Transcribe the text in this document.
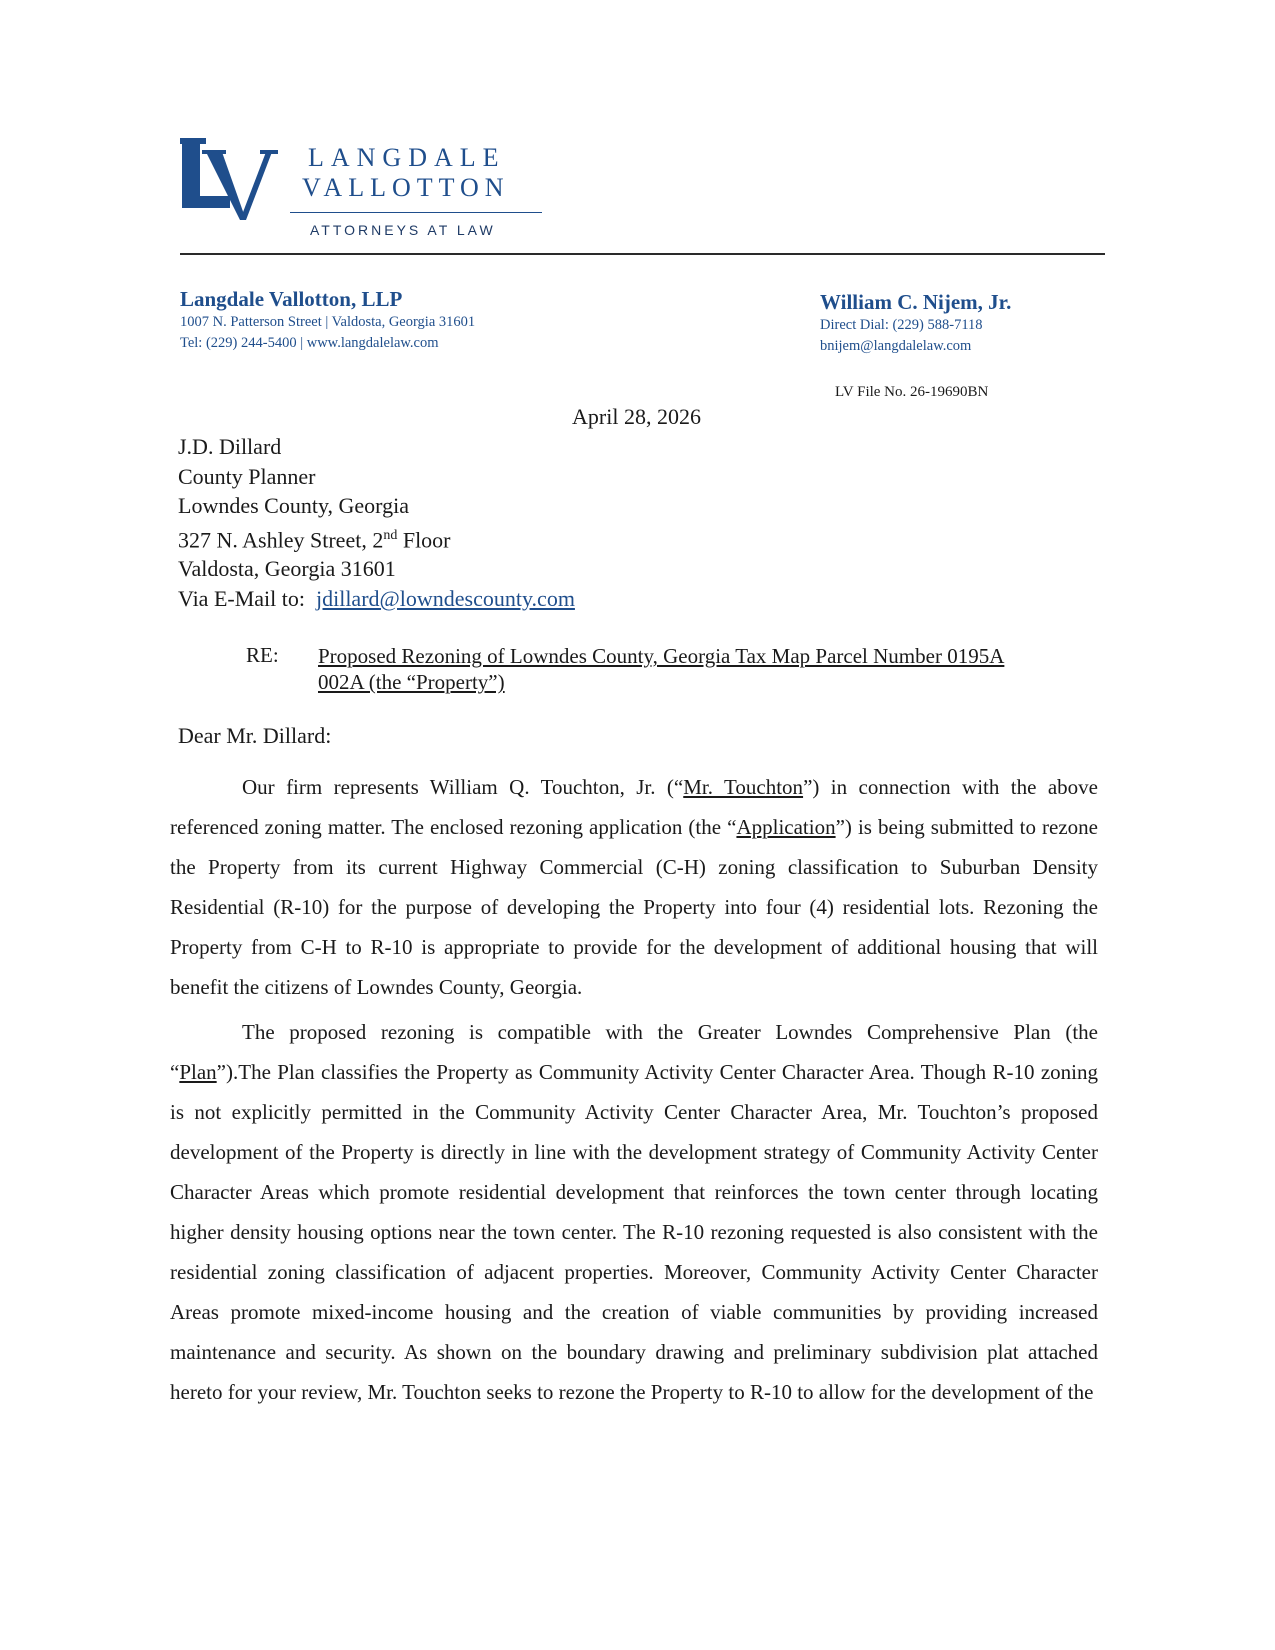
LANGDALE
VALLOTTON
ATTORNEYS AT LAW
Langdale Vallotton, LLP
1007 N. Patterson Street | Valdosta, Georgia 31601
Tel: (229) 244-5400 | www.langdalelaw.com
William C. Nijem, Jr.
Direct Dial: (229) 588-7118
bnijem@langdalelaw.com
LV File No. 26-19690BN
April 28, 2026
J.D. Dillard
County Planner
Lowndes County, Georgia
327 N. Ashley Street, 2nd Floor
Valdosta, Georgia 31601
Via E-Mail to: jdillard@lowndescounty.com
RE: Proposed Rezoning of Lowndes County, Georgia Tax Map Parcel Number 0195A 002A (the “Property”)
Dear Mr. Dillard:
Our firm represents William Q. Touchton, Jr. (“Mr. Touchton”) in connection with the above referenced zoning matter. The enclosed rezoning application (the “Application”) is being submitted to rezone the Property from its current Highway Commercial (C-H) zoning classification to Suburban Density Residential (R-10) for the purpose of developing the Property into four (4) residential lots. Rezoning the Property from C-H to R-10 is appropriate to provide for the development of additional housing that will benefit the citizens of Lowndes County, Georgia.
The proposed rezoning is compatible with the Greater Lowndes Comprehensive Plan (the “Plan”).The Plan classifies the Property as Community Activity Center Character Area. Though R-10 zoning is not explicitly permitted in the Community Activity Center Character Area, Mr. Touchton’s proposed development of the Property is directly in line with the development strategy of Community Activity Center Character Areas which promote residential development that reinforces the town center through locating higher density housing options near the town center. The R-10 rezoning requested is also consistent with the residential zoning classification of adjacent properties. Moreover, Community Activity Center Character Areas promote mixed-income housing and the creation of viable communities by providing increased maintenance and security. As shown on the boundary drawing and preliminary subdivision plat attached hereto for your review, Mr. Touchton seeks to rezone the Property to R-10 to allow for the development of the
